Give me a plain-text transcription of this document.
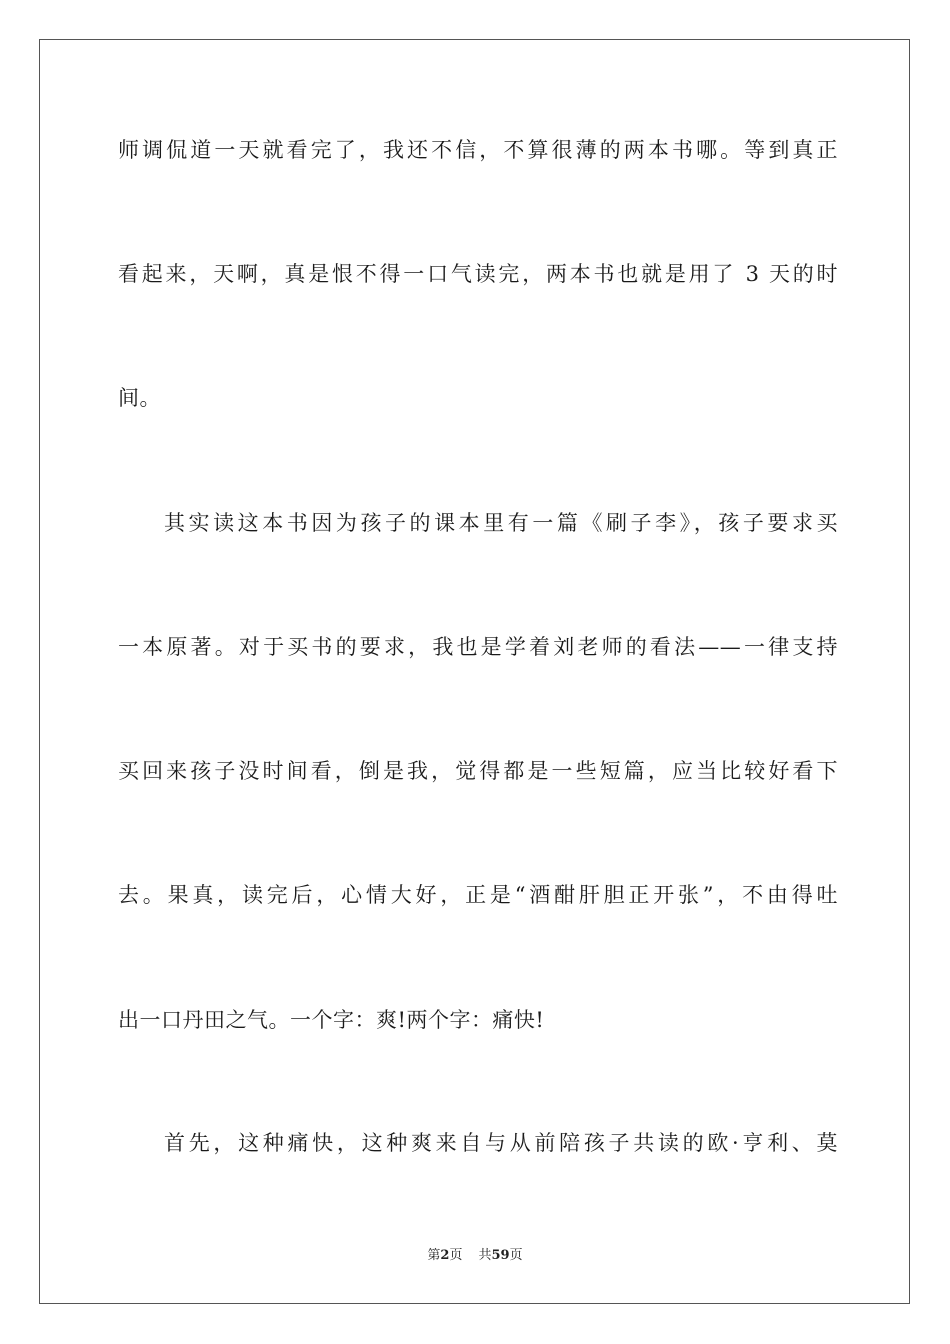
师调侃道一天就看完了，我还不信，不算很薄的两本书哪。等到真正
看起来，天啊，真是恨不得一口气读完，两本书也就是用了 3 天的时
间。
其实读这本书因为孩子的课本里有一篇《刷子李》，孩子要求买
一本原著。对于买书的要求，我也是学着刘老师的看法——一律支持
买回来孩子没时间看，倒是我，觉得都是一些短篇，应当比较好看下
去。果真，读完后，心情大好，正是“酒酣肝胆正开张”，不由得吐
出一口丹田之气。一个字：爽!两个字：痛快!
首先，这种痛快，这种爽来自与从前陪孩子共读的欧·亨利、莫
第2页 共59页
